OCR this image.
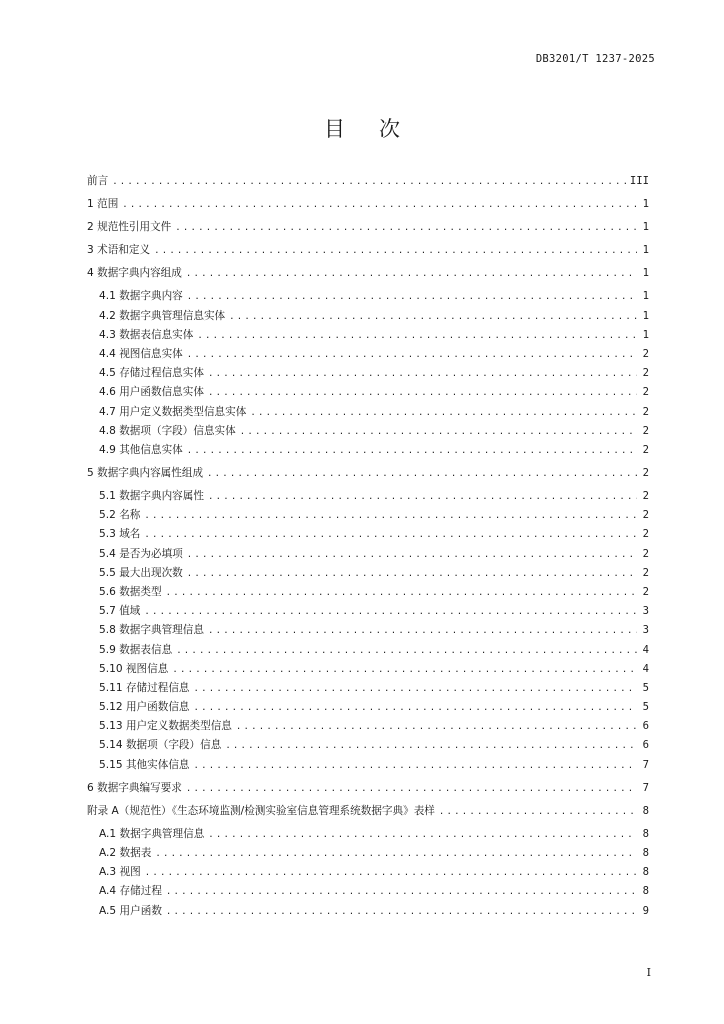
DB3201/T 1237-2025
目次
前言 .....	III
1 范围 .....	1
2 规范性引用文件 .....	1
3 术语和定义 .....	1
4 数据字典内容组成 .....	1
4.1 数据字典内容 .....	1
4.2 数据字典管理信息实体 .....	1
4.3 数据表信息实体 .....	1
4.4 视图信息实体 .....	2
4.5 存储过程信息实体 .....	2
4.6 用户函数信息实体 .....	2
4.7 用户定义数据类型信息实体 .....	2
4.8 数据项（字段）信息实体 .....	2
4.9 其他信息实体 .....	2
5 数据字典内容属性组成 .....	2
5.1 数据字典内容属性 .....	2
5.2 名称 .....	2
5.3 域名 .....	2
5.4 是否为必填项 .....	2
5.5 最大出现次数 .....	2
5.6 数据类型 .....	2
5.7 值域 .....	3
5.8 数据字典管理信息 .....	3
5.9 数据表信息 .....	4
5.10 视图信息 .....	4
5.11 存储过程信息 .....	5
5.12 用户函数信息 .....	5
5.13 用户定义数据类型信息 .....	6
5.14 数据项（字段）信息 .....	6
5.15 其他实体信息 .....	7
6 数据字典编写要求 .....	7
附录 A（规范性）《生态环境监测/检测实验室信息管理系统数据字典》表样 .....	8
A.1 数据字典管理信息 .....	8
A.2 数据表 .....	8
A.3 视图 .....	8
A.4 存储过程 .....	8
A.5 用户函数 .....	9
I
